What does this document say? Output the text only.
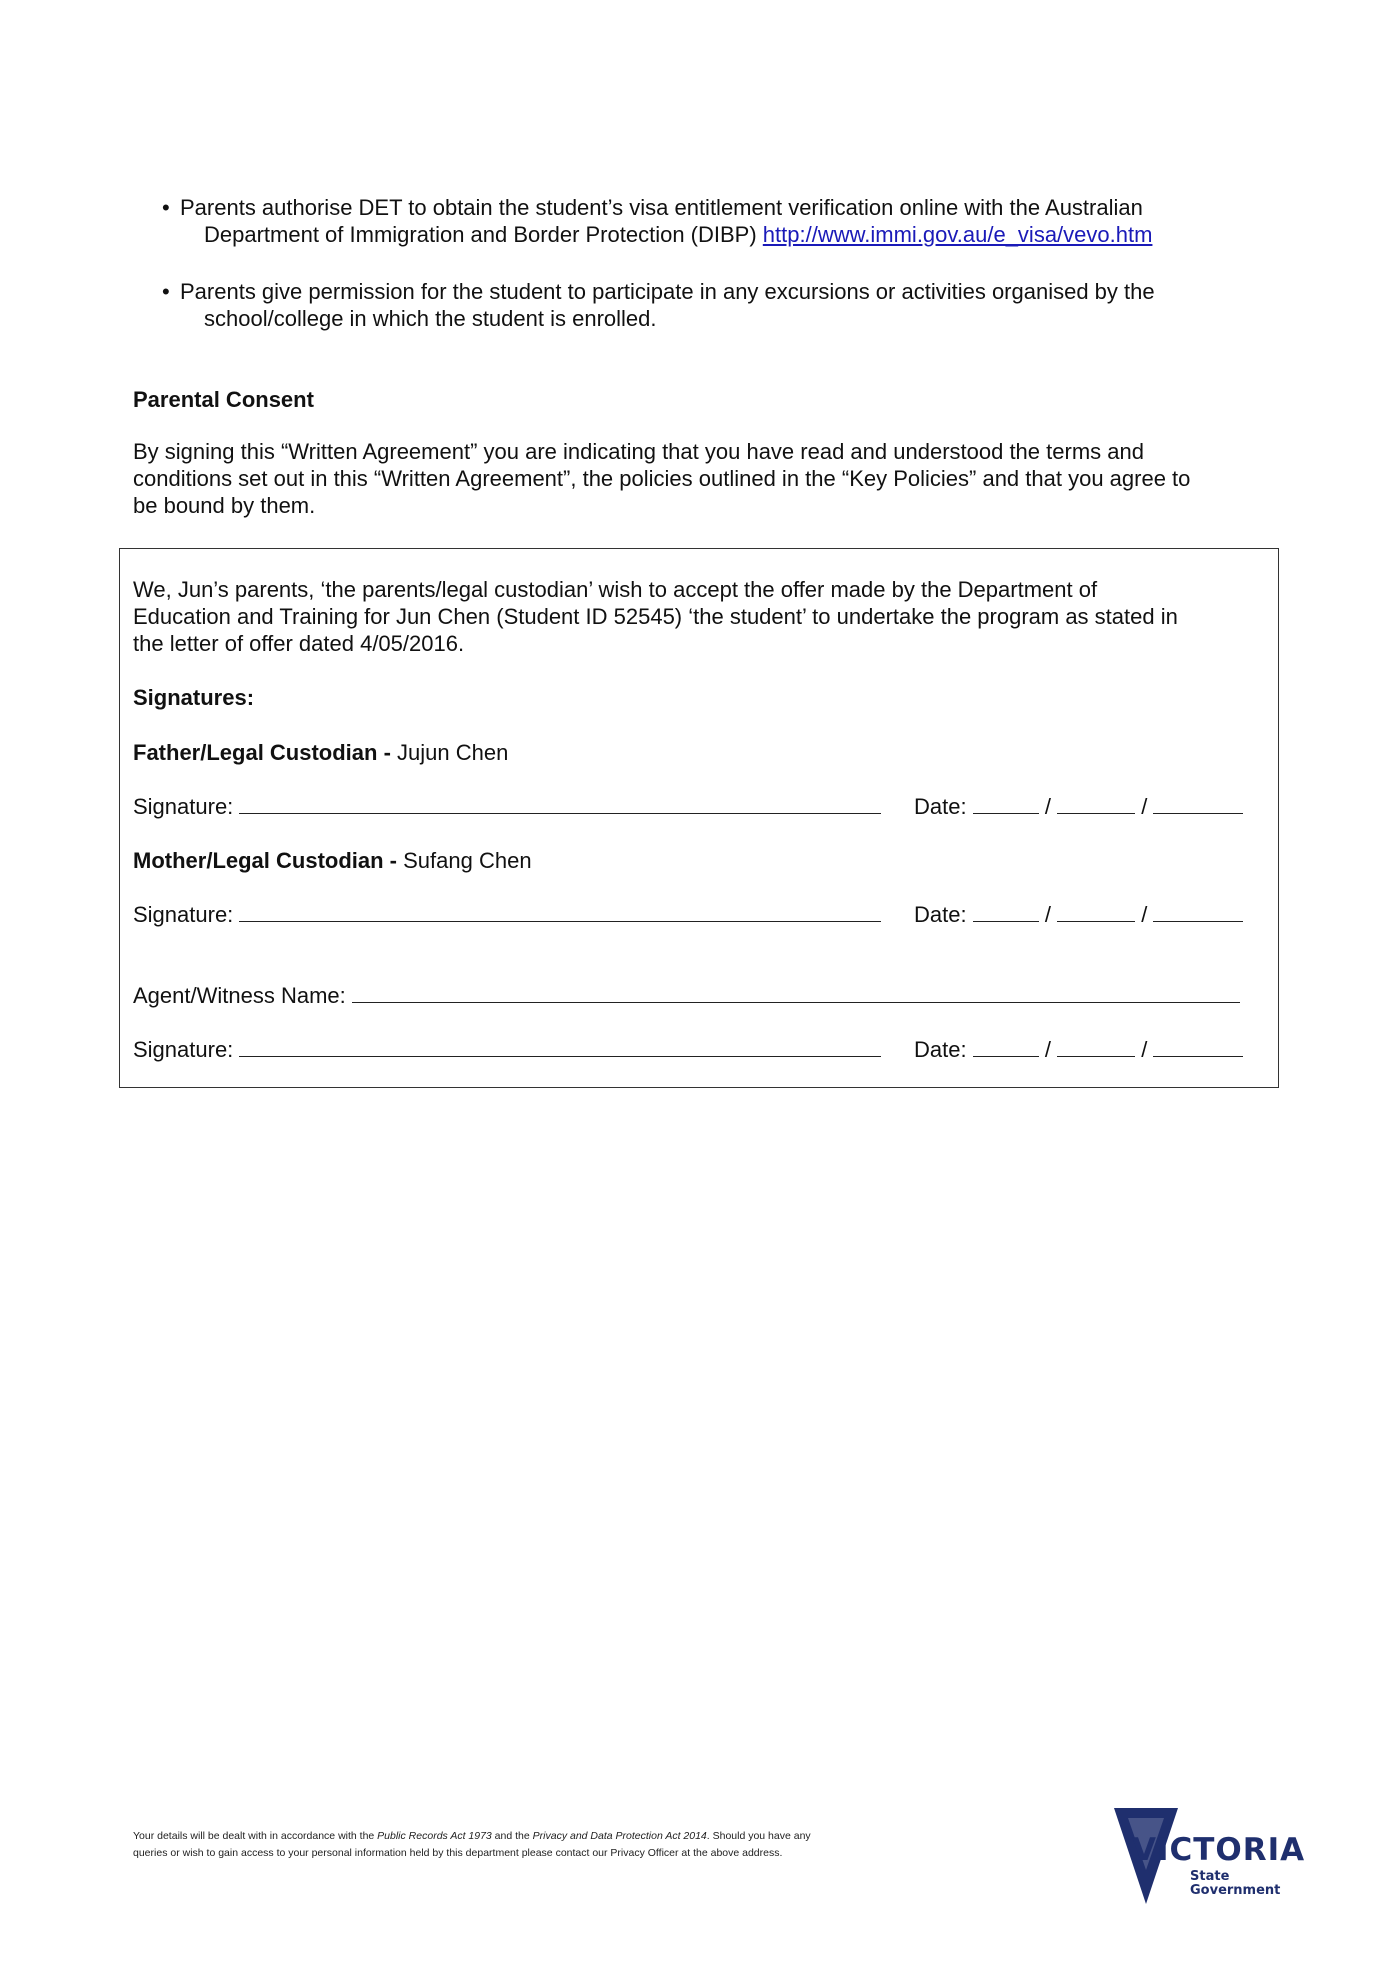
• Parents authorise DET to obtain the student’s visa entitlement verification online with the Australian
Department of Immigration and Border Protection (DIBP) http://www.immi.gov.au/e_visa/vevo.htm
• Parents give permission for the student to participate in any excursions or activities organised by the
school/college in which the student is enrolled.
Parental Consent
By signing this “Written Agreement” you are indicating that you have read and understood the terms and
conditions set out in this “Written Agreement”, the policies outlined in the “Key Policies” and that you agree to
be bound by them.
We, Jun’s parents, ‘the parents/legal custodian’ wish to accept the offer made by the Department of
Education and Training for Jun Chen (Student ID 52545) ‘the student’ to undertake the program as stated in
the letter of offer dated 4/05/2016.
Signatures:
Father/Legal Custodian - Jujun Chen
Signature:	Date:	/	/
Mother/Legal Custodian - Sufang Chen
Signature:	Date:	/	/
Agent/Witness Name:
Signature:	Date:	/	/
Your details will be dealt with in accordance with the Public Records Act 1973 and the Privacy and Data Protection Act 2014. Should you have any
queries or wish to gain access to your personal information held by this department please contact our Privacy Officer at the above address.	VICTORIA
State
Government
